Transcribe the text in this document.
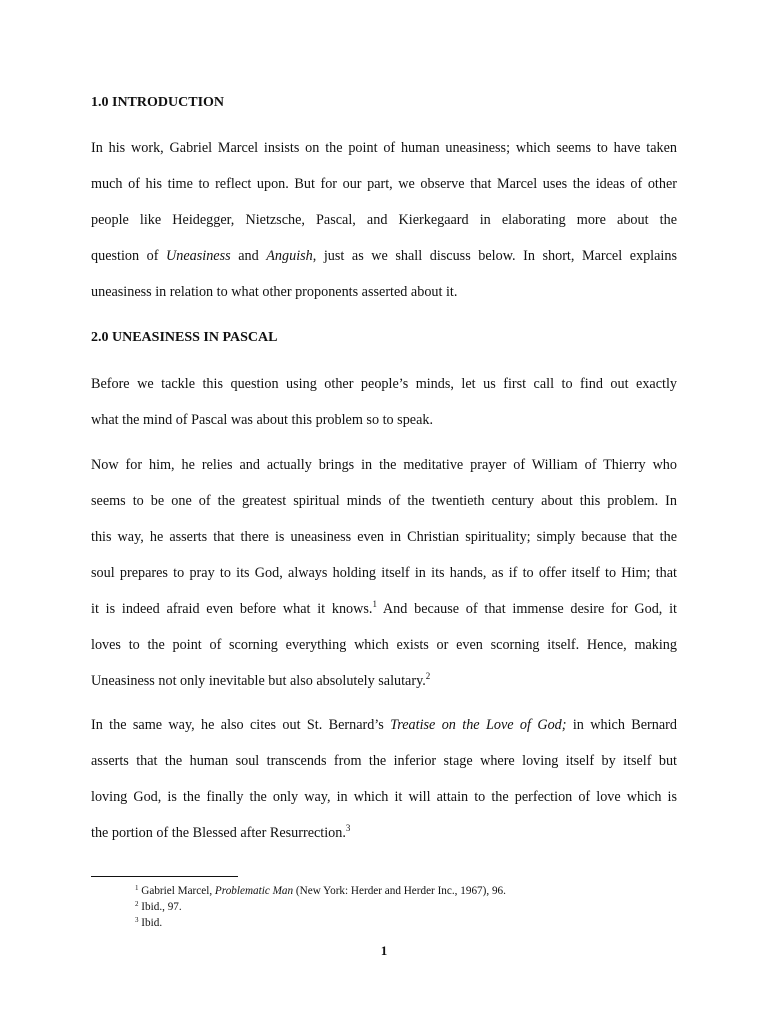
1.0 INTRODUCTION
In his work, Gabriel Marcel insists on the point of human uneasiness; which seems to have taken
much of his time to reflect upon. But for our part, we observe that Marcel uses the ideas of other
people like Heidegger, Nietzsche, Pascal, and Kierkegaard in elaborating more about the
question of Uneasiness and Anguish, just as we shall discuss below. In short, Marcel explains
uneasiness in relation to what other proponents asserted about it.
2.0 UNEASINESS IN PASCAL
Before we tackle this question using other people’s minds, let us first call to find out exactly
what the mind of Pascal was about this problem so to speak.
Now for him, he relies and actually brings in the meditative prayer of William of Thierry who
seems to be one of the greatest spiritual minds of the twentieth century about this problem. In
this way, he asserts that there is uneasiness even in Christian spirituality; simply because that the
soul prepares to pray to its God, always holding itself in its hands, as if to offer itself to Him; that
it is indeed afraid even before what it knows.$^1$ And because of that immense desire for God, it
loves to the point of scorning everything which exists or even scorning itself. Hence, making
Uneasiness not only inevitable but also absolutely salutary.$^2$
In the same way, he also cites out St. Bernard’s Treatise on the Love of God; in which Bernard
asserts that the human soul transcends from the inferior stage where loving itself by itself but
loving God, is the finally the only way, in which it will attain to the perfection of love which is
the portion of the Blessed after Resurrection.$^3$
$^1$ Gabriel Marcel, Problematic Man (New York: Herder and Herder Inc., 1967), 96.
$^2$ Ibid., 97.
$^3$ Ibid.
1
